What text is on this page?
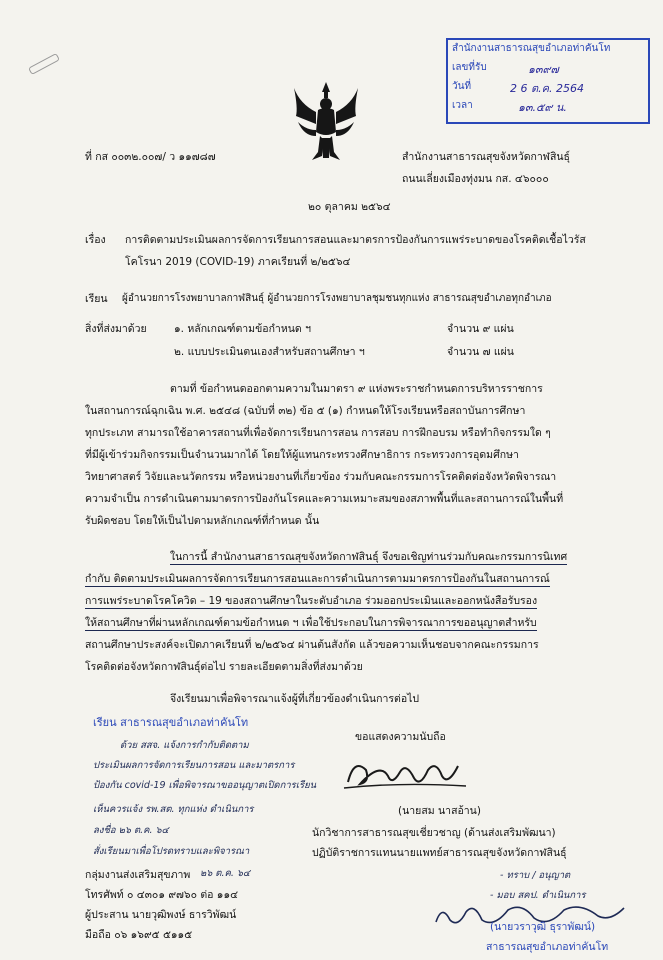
สำนักงานสาธารณสุขอำเภอท่าคันโท
เลขที่รับ	๑๓๙๗
วันที่	2 6 ต.ค. 2564
เวลา	๑๓.๕๙ น.
ที่ กส ๐๐๓๒.๐๐๗/ ว ๑๑๗๘๗	สำนักงานสาธารณสุขจังหวัดกาฬสินธุ์
ถนนเลี่ยงเมืองทุ่งมน กส. ๔๖๐๐๐
๒๐ ตุลาคม ๒๕๖๔
เรื่อง การติดตามประเมินผลการจัดการเรียนการสอนและมาตรการป้องกันการแพร่ระบาดของโรคติดเชื้อไวรัส
โคโรนา 2019 (COVID-19) ภาคเรียนที่ ๒/๒๕๖๔
เรียน ผู้อำนวยการโรงพยาบาลกาฬสินธุ์ ผู้อำนวยการโรงพยาบาลชุมชนทุกแห่ง สาธารณสุขอำเภอทุกอำเภอ
สิ่งที่ส่งมาด้วย	๑. หลักเกณฑ์ตามข้อกำหนด ฯ	จำนวน ๙ แผ่น
๒. แบบประเมินตนเองสำหรับสถานศึกษา ฯ	จำนวน ๗ แผ่น
ตามที่ ข้อกำหนดออกตามความในมาตรา ๙ แห่งพระราชกำหนดการบริหารราชการ
ในสถานการณ์ฉุกเฉิน พ.ศ. ๒๕๔๘ (ฉบับที่ ๓๒) ข้อ ๕ (๑) กำหนดให้โรงเรียนหรือสถาบันการศึกษา
ทุกประเภท สามารถใช้อาคารสถานที่เพื่อจัดการเรียนการสอน การสอบ การฝึกอบรม หรือทำกิจกรรมใด ๆ
ที่มีผู้เข้าร่วมกิจกรรมเป็นจำนวนมากได้ โดยให้ผู้แทนกระทรวงศึกษาธิการ กระทรวงการอุดมศึกษา
วิทยาศาสตร์ วิจัยและนวัตกรรม หรือหน่วยงานที่เกี่ยวข้อง ร่วมกับคณะกรรมการโรคติดต่อจังหวัดพิจารณา
ความจำเป็น การดำเนินตามมาตรการป้องกันโรคและความเหมาะสมของสภาพพื้นที่และสถานการณ์ในพื้นที่
รับผิดชอบ โดยให้เป็นไปตามหลักเกณฑ์ที่กำหนด นั้น
ในการนี้ สำนักงานสาธารณสุขจังหวัดกาฬสินธุ์ จึงขอเชิญท่านร่วมกับคณะกรรมการนิเทศ
กำกับ ติดตามประเมินผลการจัดการเรียนการสอนและการดำเนินการตามมาตรการป้องกันในสถานการณ์
การแพร่ระบาดโรคโควิด – 19 ของสถานศึกษาในระดับอำเภอ ร่วมออกประเมินและออกหนังสือรับรอง
ให้สถานศึกษาที่ผ่านหลักเกณฑ์ตามข้อกำหนด ฯ เพื่อใช้ประกอบในการพิจารณาการขออนุญาตสำหรับ
สถานศึกษาประสงค์จะเปิดภาคเรียนที่ ๒/๒๕๖๔ ผ่านต้นสังกัด แล้วขอความเห็นชอบจากคณะกรรมการ
โรคติดต่อจังหวัดกาฬสินธุ์ต่อไป รายละเอียดตามสิ่งที่ส่งมาด้วย
จึงเรียนมาเพื่อพิจารณาแจ้งผู้ที่เกี่ยวข้องดำเนินการต่อไป
เรียน สาธารณสุขอำเภอท่าคันโท
ด้วย สสจ. แจ้งการกำกับติดตาม
ประเมินผลการจัดการเรียนการสอน และมาตรการ
ป้องกัน covid-19 เพื่อพิจารณาขออนุญาตเปิดการเรียน
เห็นควรแจ้ง รพ.สต. ทุกแห่ง ดำเนินการ
ลงชื่อ ๒๖ ต.ค. ๖๔
สั่งเรียนมาเพื่อโปรดทราบและพิจารณา
ขอแสดงความนับถือ
(นายสม นาสอ้าน)
นักวิชาการสาธารณสุขเชี่ยวชาญ (ด้านส่งเสริมพัฒนา)
ปฏิบัติราชการแทนนายแพทย์สาธารณสุขจังหวัดกาฬสินธุ์
กลุ่มงานส่งเสริมสุขภาพ ๒๖ ต.ค. ๖๔
โทรศัพท์ ๐ ๔๓๐๑ ๙๗๖๐ ต่อ ๑๑๔
ผู้ประสาน นายวุฒิพงษ์ ธารวิพัฒน์
มือถือ ๐๖ ๑๖๙๕ ๕๑๑๕
- ทราบ / อนุญาต
- มอบ สคป. ดำเนินการ
(นายวราวุฒิ ธุราพัฒน์)
สาธารณสุขอำเภอท่าคันโท
